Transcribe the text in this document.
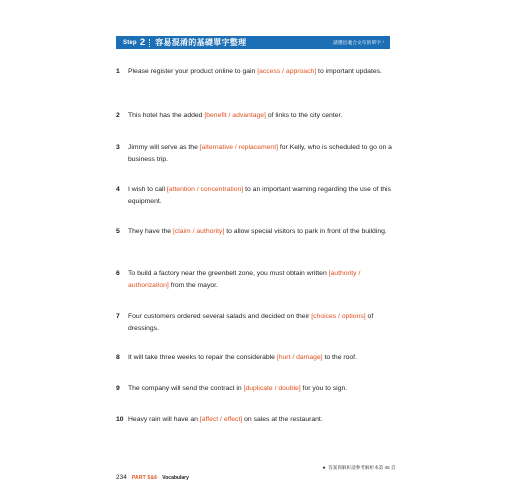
Step 2 容易混淆的基礎單字整理	請選出適合文句的單字 ›
1	Please register your product online to gain [access / approach] to important updates.
2	This hotel has the added [benefit / advantage] of links to the city center.
3	Jimmy will serve as the [alternative / replacement] for Kelly, who is scheduled to go on a business trip.
4	I wish to call [attention / concentration] to an important warning regarding the use of this equipment.
5	They have the [claim / authority] to allow special visitors to park in front of the building.
6	To build a factory near the greenbelt zone, you must obtain written [authority / authorization] from the mayor.
7	Four customers ordered several salads and decided on their [choices / options] of dressings.
8	It will take three weeks to repair the considerable [hurt / damage] to the roof.
9	The company will send the contract in [duplicate / double] for you to sign.
10 Heavy rain will have an [affect / effect] on sales at the restaurant.
★ 答案與解析請參考解析本第 45 頁
234 PART 5&6 Vocabulary
